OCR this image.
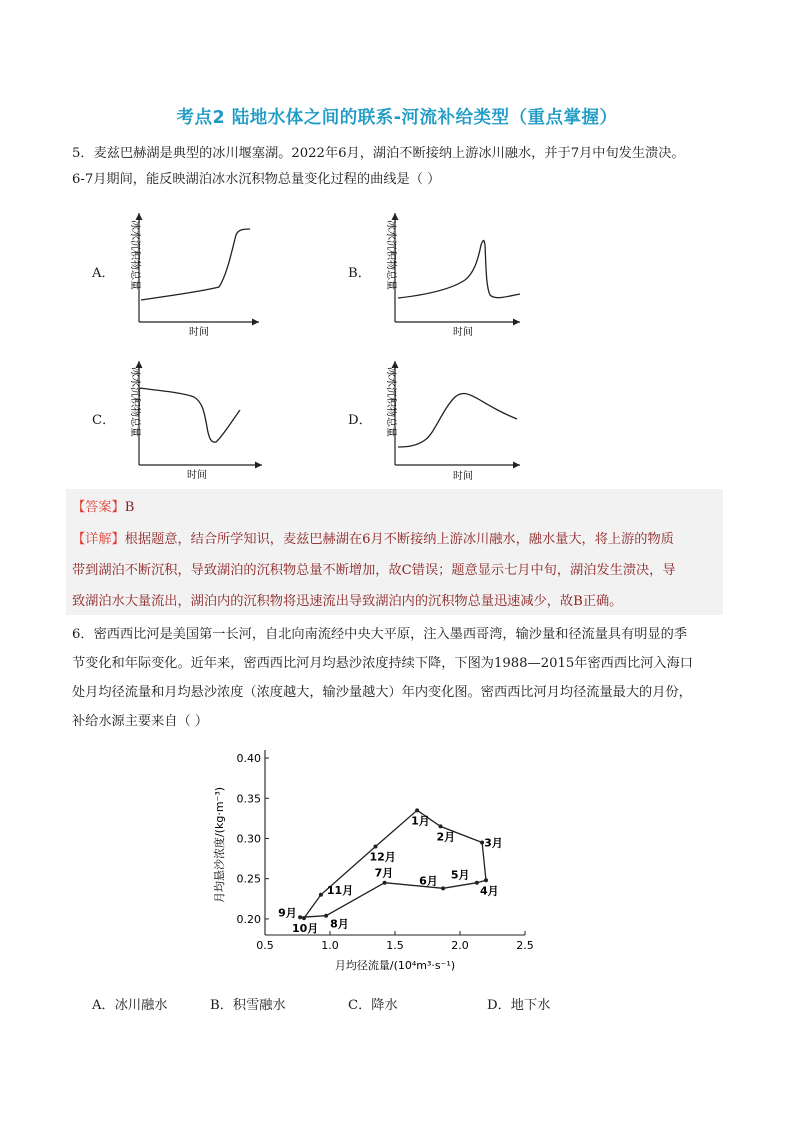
考点2 陆地水体之间的联系-河流补给类型（重点掌握）
5．麦兹巴赫湖是典型的冰川堰塞湖。2022年6月，湖泊不断接纳上游冰川融水，并于7月中旬发生溃决。
6-7月期间，能反映湖泊冰水沉积物总量变化过程的曲线是（ ）
A．	B．
C．	D．
冰水沉积物总量
时间
冰水沉积物总量
时间
冰水沉积物总量
时间
冰水沉积物总量
时间
【答案】B
【详解】根据题意，结合所学知识，麦兹巴赫湖在6月不断接纳上游冰川融水，融水量大，将上游的物质
带到湖泊不断沉积，导致湖泊的沉积物总量不断增加，故C错误；题意显示七月中旬，湖泊发生溃决，导
致湖泊水大量流出，湖泊内的沉积物将迅速流出导致湖泊内的沉积物总量迅速减少，故B正确。
6．密西西比河是美国第一长河，自北向南流经中央大平原，注入墨西哥湾，输沙量和径流量具有明显的季
节变化和年际变化。近年来，密西西比河月均悬沙浓度持续下降，下图为1988—2015年密西西比河入海口
处月均径流量和月均悬沙浓度（浓度越大，输沙量越大）年内变化图。密西西比河月均径流量最大的月份，
补给水源主要来自（ ）
0.5	1.0	1.5	2.0	2.5
0.20
0.25
0.30
0.35
0.40
1月
2月	3月
4月
5月
6月
7月
8月
9月
10月
11月
12月
月均径流量/(10⁴m³·s⁻¹)
月均悬沙浓度/(kg·m⁻³)
A．冰川融水	B．积雪融水	C．降水	D．地下水
